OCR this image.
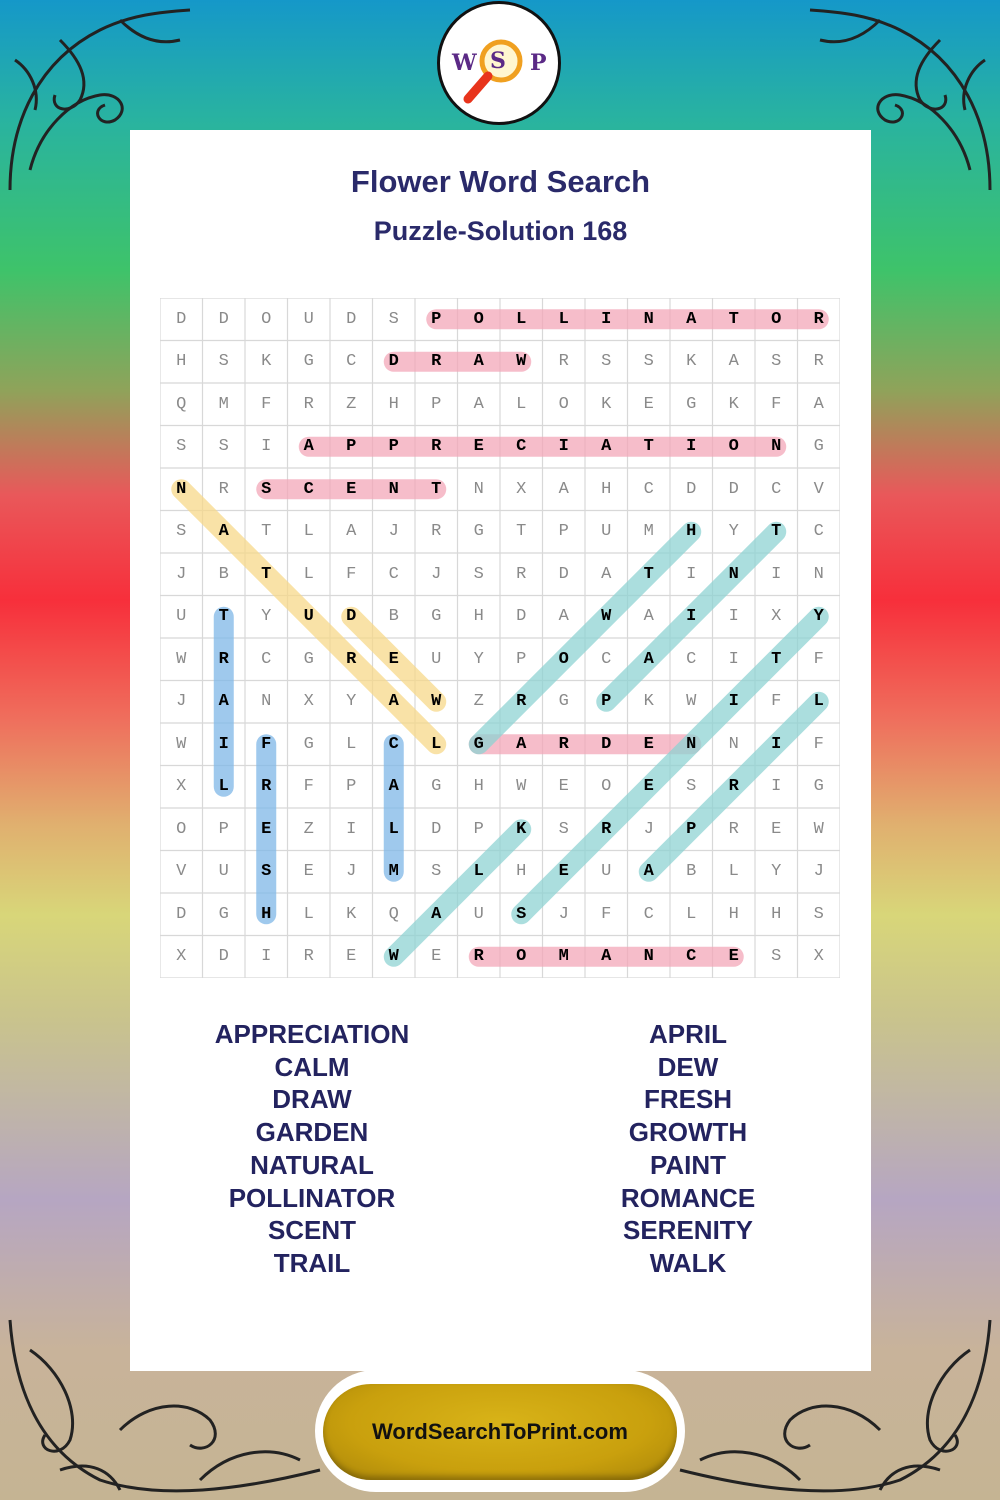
W P
S
Flower Word Search
Puzzle-Solution 168
D	D	O	U	D	S	P	O	L	L	I	N	A	T	O	R
H	S	K	G	C	D	R	A	W	R	S	S	K	A	S	R
Q	M	F	R	Z	H	P	A	L	O	K	E	G	K	F	A
S	S	I	A	P	P	R	E	C	I	A	T	I	O	N	G
N	R	S	C	E	N	T	N	X	A	H	C	D	D	C	V
S	A	T	L	A	J	R	G	T	P	U	M	H	Y	T	C
J	B	T	L	F	C	J	S	R	D	A	T	I	N	I	N
U	T	Y	U	D	B	G	H	D	A	W	A	I	I	X	Y
W	R	C	G	R	E	U	Y	P	O	C	A	C	I	T	F
J	A	N	X	Y	A	W	Z	R	G	P	K	W	I	F	L
W	I	F	G	L	C	L	G	A	R	D	E	N	N	I	F
X	L	R	F	P	A	G	H	W	E	O	E	S	R	I	G
O	P	E	Z	I	L	D	P	K	S	R	J	P	R	E	W
V	U	S	E	J	M	S	L	H	E	U	A	B	L	Y	J
D	G	H	L	K	Q	A	U	S	J	F	C	L	H	H	S
X	D	I	R	E	W	E	R	O	M	A	N	C	E	S	X
APPRECIATION
CALM
DRAW
GARDEN
NATURAL
POLLINATOR
SCENT
TRAIL
APRIL
DEW
FRESH
GROWTH
PAINT
ROMANCE
SERENITY
WALK
WordSearchToPrint.com
